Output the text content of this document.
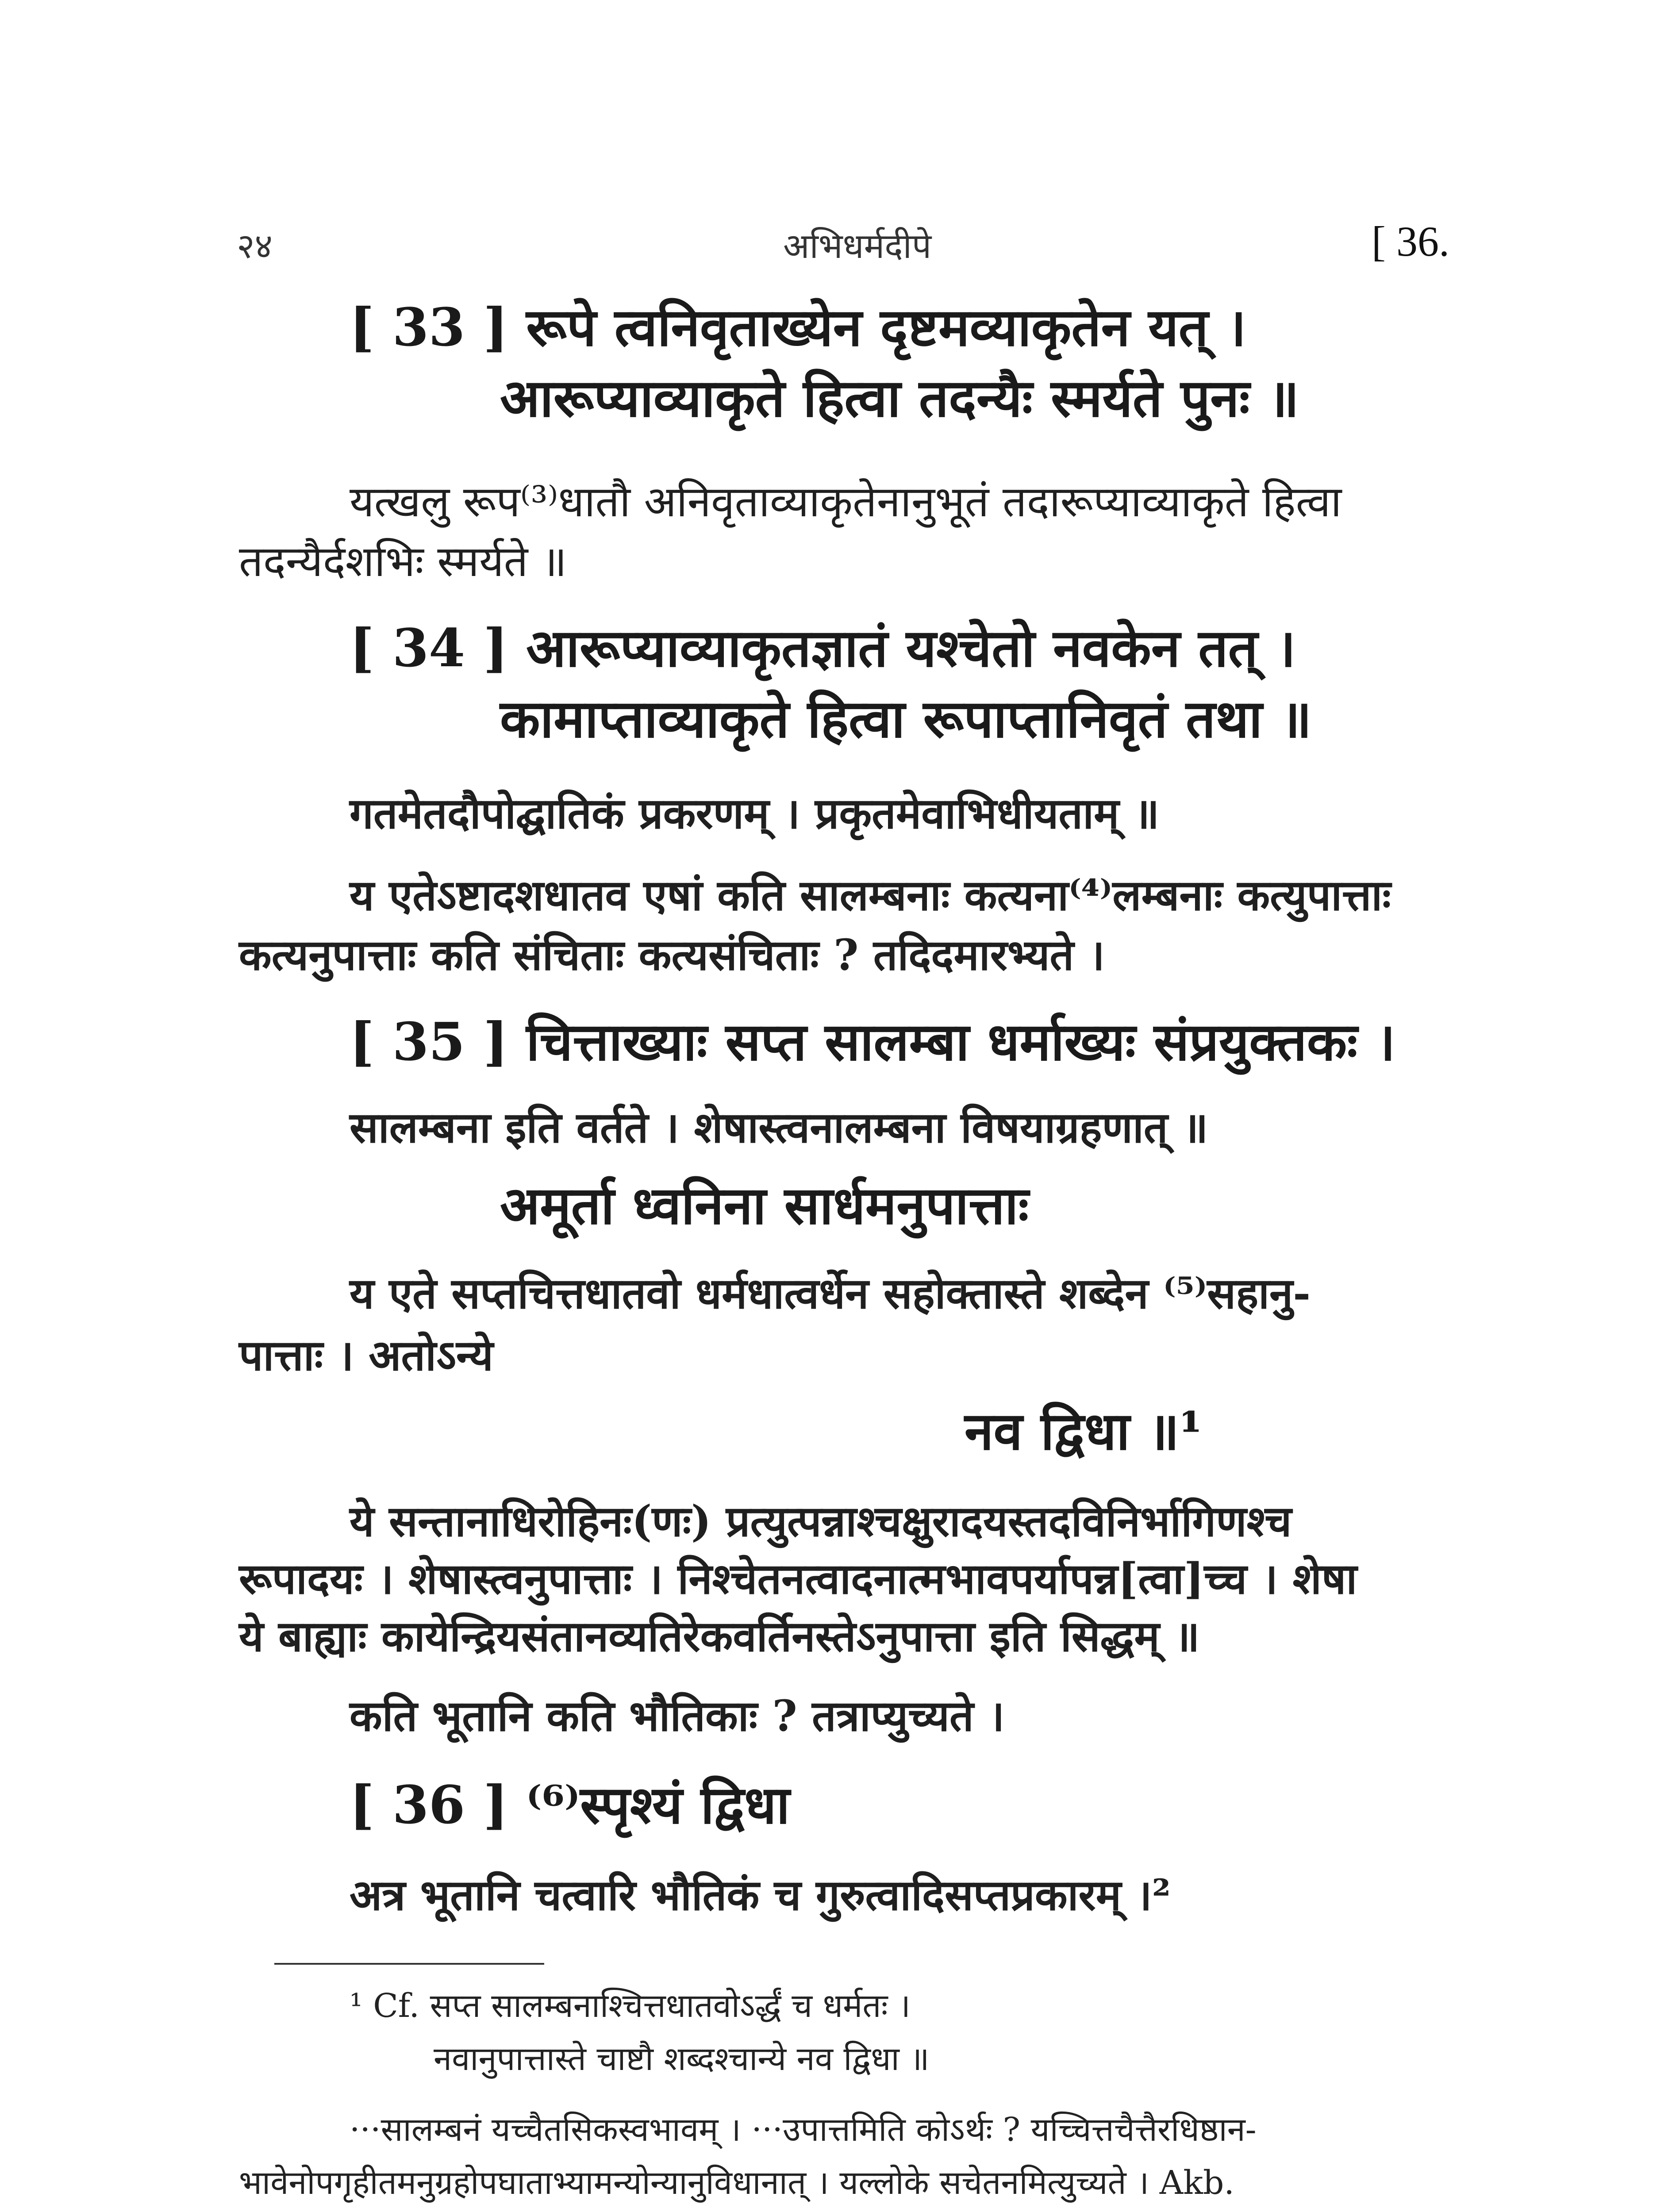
२४	अभिधर्मदीपे	[ 36.
[ 33 ] रूपे त्वनिवृताख्येन दृष्टमव्याकृतेन यत् ।
आरूप्याव्याकृते हित्वा तदन्यैः स्मर्यते पुनः ॥
यत्खलु रूप⁽³⁾धातौ अनिवृताव्याकृतेनानुभूतं तदारूप्याव्याकृते हित्वा
तदन्यैर्दशभिः स्मर्यते ॥
[ 34 ] आरूप्याव्याकृतज्ञातं यश्चेतो नवकेन तत् ।
कामाप्ताव्याकृते हित्वा रूपाप्तानिवृतं तथा ॥
गतमेतदौपोद्घातिकं प्रकरणम् । प्रकृतमेवाभिधीयताम् ॥
य एतेऽष्टादशधातव एषां कति सालम्बनाः कत्यना⁽⁴⁾लम्बनाः कत्युपात्ताः
कत्यनुपात्ताः कति संचिताः कत्यसंचिताः ? तदिदमारभ्यते ।
[ 35 ] चित्ताख्याः सप्त सालम्बा धर्माख्यः संप्रयुक्तकः ।
सालम्बना इति वर्तते । शेषास्त्वनालम्बना विषयाग्रहणात् ॥
अमूर्ता ध्वनिना सार्धमनुपात्ताः
य एते सप्तचित्तधातवो धर्मधात्वर्धेन सहोक्तास्ते शब्देन ⁽⁵⁾सहानु-
पात्ताः । अतोऽन्ये
नव द्विधा ॥¹
ये सन्तानाधिरोहिनः(णः) प्रत्युत्पन्नाश्चक्षुरादयस्तदविनिर्भागिणश्च
रूपादयः । शेषास्त्वनुपात्ताः । निश्चेतनत्वादनात्मभावपर्यापन्न[त्वा]च्च । शेषा
ये बाह्याः कायेन्द्रियसंतानव्यतिरेकवर्तिनस्तेऽनुपात्ता इति सिद्धम् ॥
कति भूतानि कति भौतिकाः ? तत्राप्युच्यते ।
[ 36 ] ⁽⁶⁾स्पृश्यं द्विधा
अत्र भूतानि चत्वारि भौतिकं च गुरुत्वादिसप्तप्रकारम् ।²
¹ Cf. सप्त सालम्बनाश्चित्तधातवोऽर्द्धं च धर्मतः ।
नवानुपात्तास्ते चाष्टौ शब्दश्चान्ये नव द्विधा ॥
···सालम्बनं यच्चैतसिकस्वभावम् । ···उपात्तमिति कोऽर्थः ? यच्चित्तचैत्तैरधिष्ठान-
भावेनोपगृहीतमनुग्रहोपघाताभ्यामन्योन्यानुविधानात् । यल्लोके सचेतनमित्युच्यते । Akb.
